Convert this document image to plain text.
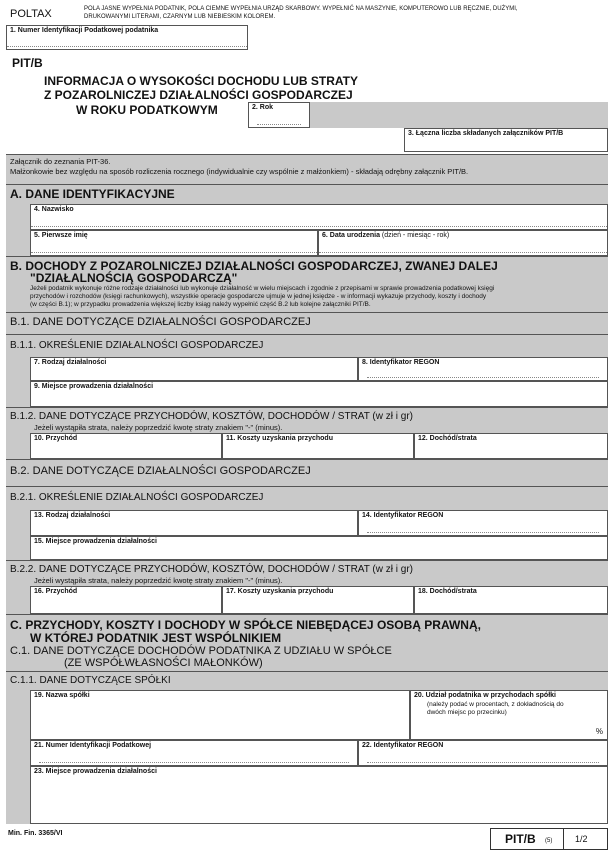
POLTAX	POLA JASNE WYPEŁNIA PODATNIK, POLA CIEMNE WYPEŁNIA URZĄD SKARBOWY. WYPEŁNIĆ NA MASZYNIE, KOMPUTEROWO LUB RĘCZNIE, DUŻYMI,
DRUKOWANYMI LITERAMI, CZARNYM LUB NIEBIESKIM KOLOREM.
1. Numer Identyfikacji Podatkowej podatnika
PIT/B
INFORMACJA O WYSOKOŚCI DOCHODU LUB STRATY
Z POZAROLNICZEJ DZIAŁALNOŚCI GOSPODARCZEJ
W ROKU PODATKOWYM	2. Rok
3. Łączna liczba składanych załączników PIT/B
Załącznik do zeznania PIT-36.
Małżonkowie bez względu na sposób rozliczenia rocznego (indywidualnie czy wspólnie z małżonkiem) - składają odrębny załącznik PIT/B.
A. DANE IDENTYFIKACYJNE
4. Nazwisko
5. Pierwsze imię	6. Data urodzenia (dzień - miesiąc - rok)
B. DOCHODY Z POZAROLNICZEJ DZIAŁALNOŚCI GOSPODARCZEJ, ZWANEJ DALEJ
"DZIAŁALNOŚCIĄ GOSPODARCZĄ"
Jeżeli podatnik wykonuje różne rodzaje działalności lub wykonuje działalność w wielu miejscach i zgodnie z przepisami w sprawie prowadzenia podatkowej księgi
przychodów i rozchodów (księgi rachunkowych), wszystkie operacje gospodarcze ujmuje w jednej księdze - w informacji wykazuje przychody, koszty i dochody
(w części B.1); w przypadku prowadzenia większej liczby ksiąg należy wypełnić część B.2 lub kolejne załączniki PIT/B.
B.1. DANE DOTYCZĄCE DZIAŁALNOŚCI GOSPODARCZEJ
B.1.1. OKREŚLENIE DZIAŁALNOŚCI GOSPODARCZEJ
7. Rodzaj działalności	8. Identyfikator REGON
9. Miejsce prowadzenia działalności
B.1.2. DANE DOTYCZĄCE PRZYCHODÓW, KOSZTÓW, DOCHODÓW / STRAT (w zł i gr)
Jeżeli wystąpiła strata, należy poprzedzić kwotę straty znakiem "-" (minus).
10. Przychód	11. Koszty uzyskania przychodu	12. Dochód/strata
B.2. DANE DOTYCZĄCE DZIAŁALNOŚCI GOSPODARCZEJ
B.2.1. OKREŚLENIE DZIAŁALNOŚCI GOSPODARCZEJ
13. Rodzaj działalności	14. Identyfikator REGON
15. Miejsce prowadzenia działalności
B.2.2. DANE DOTYCZĄCE PRZYCHODÓW, KOSZTÓW, DOCHODÓW / STRAT (w zł i gr)
Jeżeli wystąpiła strata, należy poprzedzić kwotę straty znakiem "-" (minus).
16. Przychód	17. Koszty uzyskania przychodu	18. Dochód/strata
C. PRZYCHODY, KOSZTY I DOCHODY W SPÓŁCE NIEBĘDĄCEJ OSOBĄ PRAWNĄ,
W KTÓREJ PODATNIK JEST WSPÓLNIKIEM
C.1. DANE DOTYCZĄCE DOCHODÓW PODATNIKA Z UDZIAŁU W SPÓŁCE
(ZE WSPÓŁWŁASNOŚCI MAŁONKÓW)
C.1.1. DANE DOTYCZĄCE SPÓŁKI
19. Nazwa spółki	20. Udział podatnika w przychodach spółki
(należy podać w procentach, z dokładnością do
dwóch miejsc po przecinku)
%
21. Numer Identyfikacji Podatkowej	22. Identyfikator REGON
23. Miejsce prowadzenia działalności
Min. Fin. 3365/VI	PIT/B (5)	1/2
